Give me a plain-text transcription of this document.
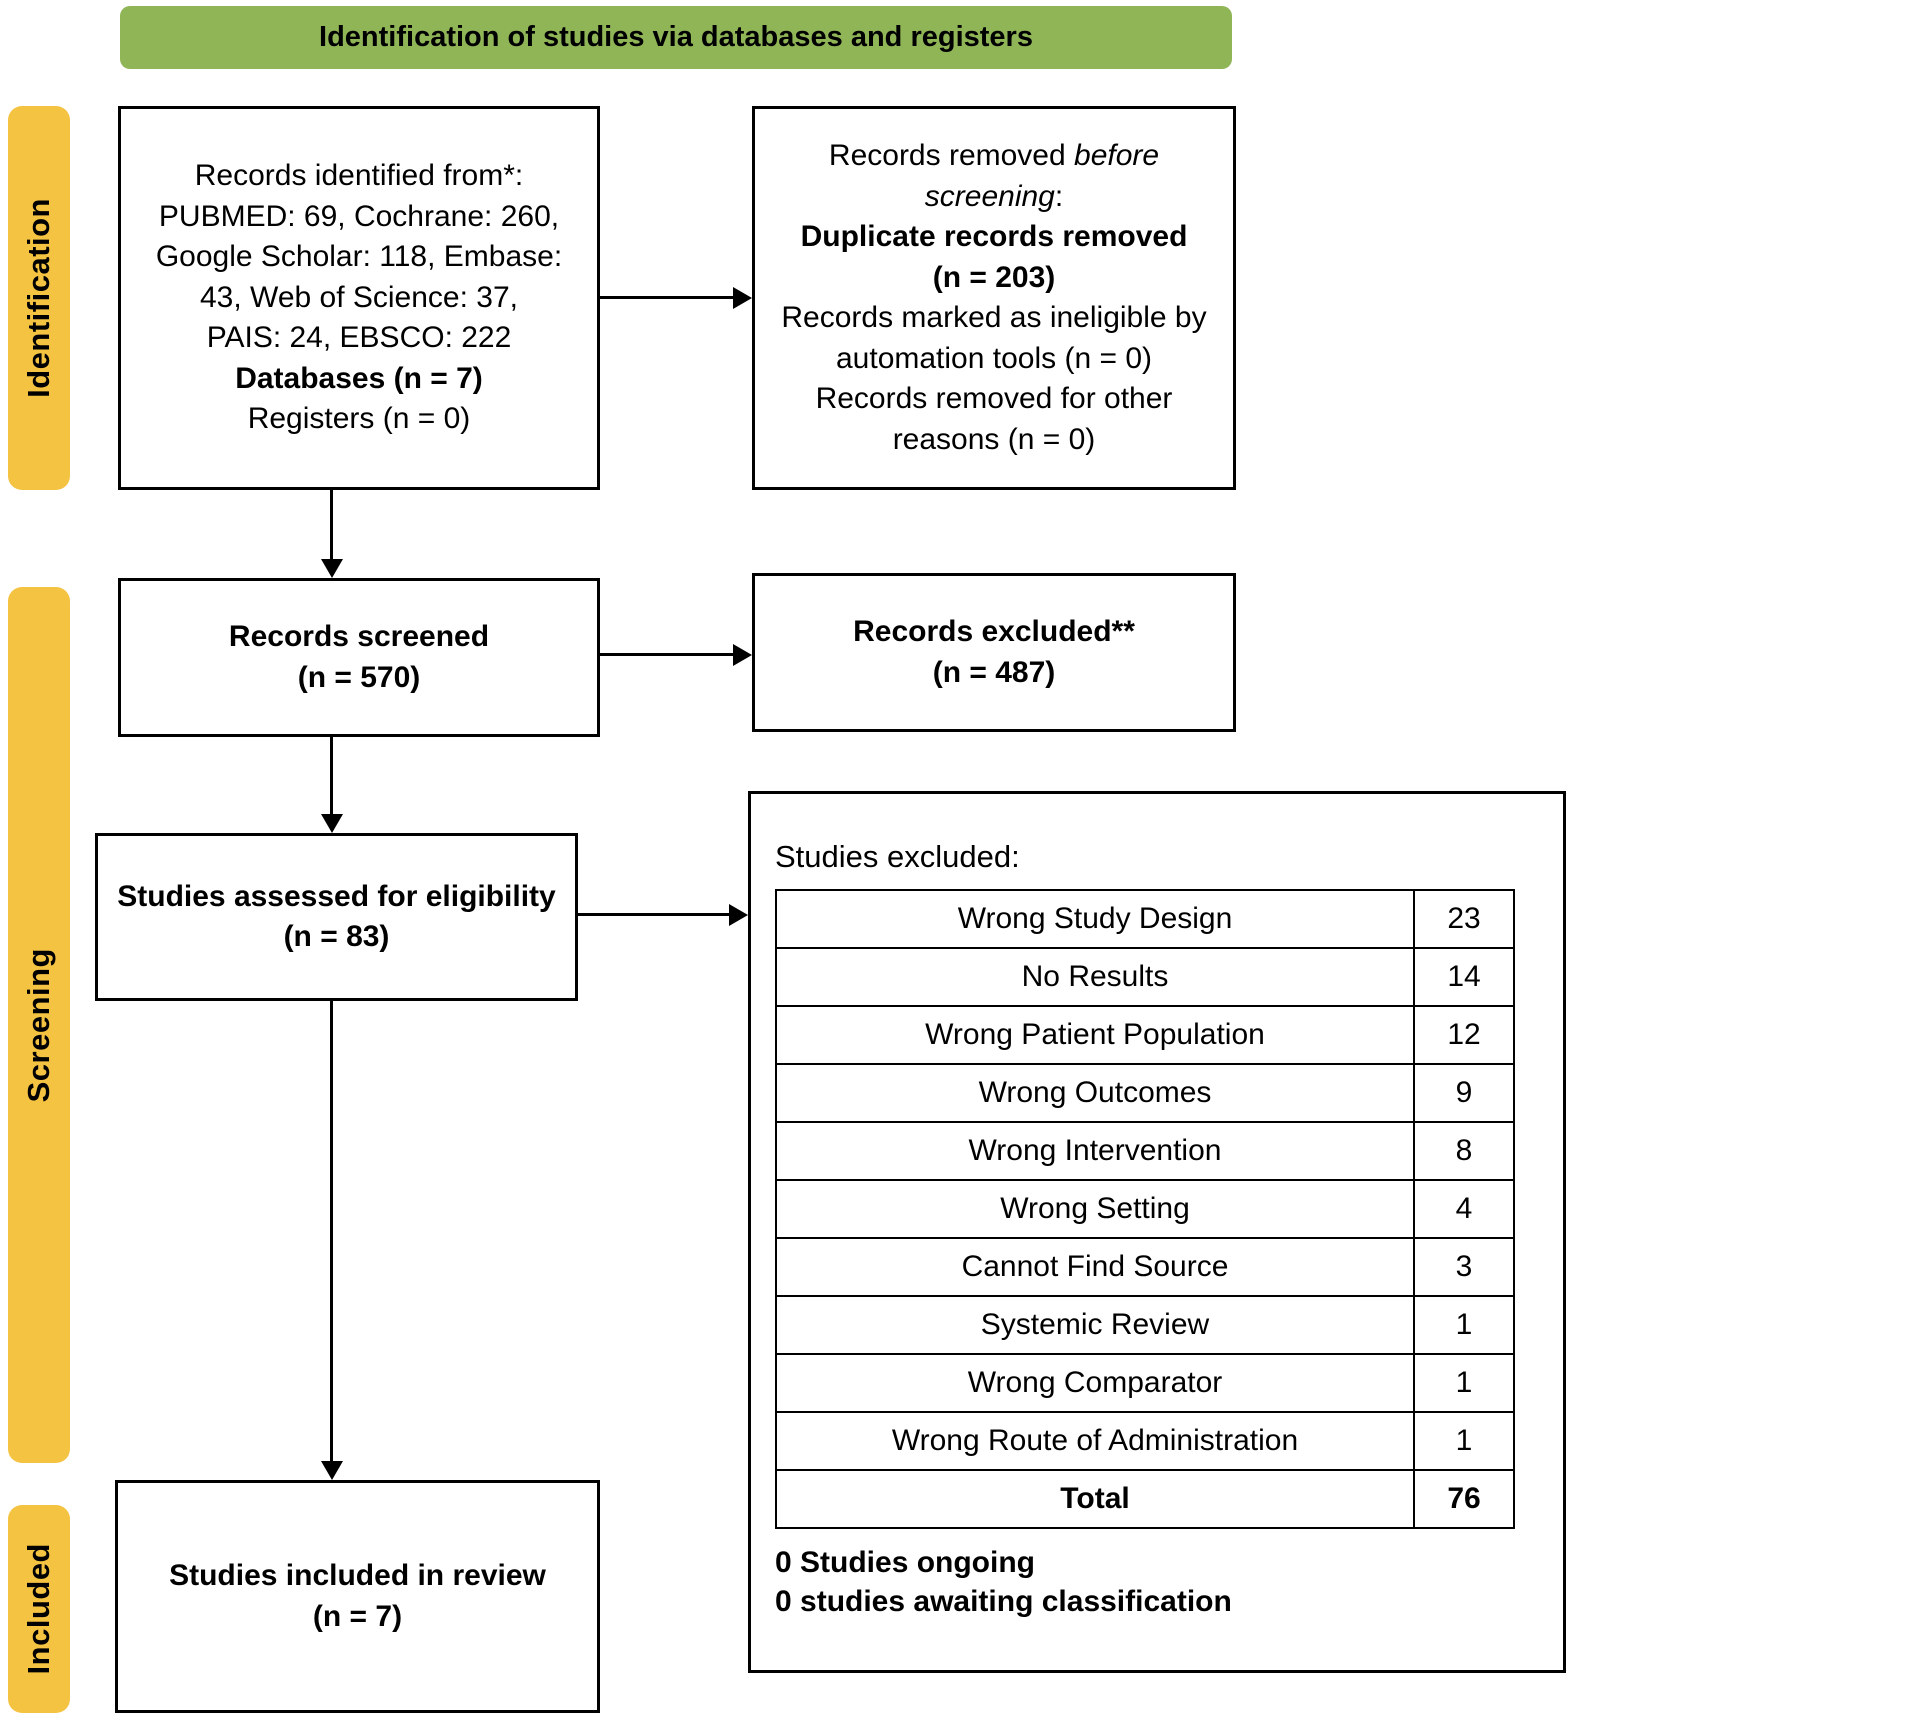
Identification of studies via databases and registers
Identification
Screening
Included
Records identified from*:
PUBMED: 69, Cochrane: 260,
Google Scholar: 118, Embase:
43, Web of Science: 37,
PAIS: 24, EBSCO: 222
Databases (n = 7)
Registers (n = 0)
Records removed before
screening:
Duplicate records removed
(n = 203)
Records marked as ineligible by
automation tools (n = 0)
Records removed for other
reasons (n = 0)
Records screened
(n = 570)
Records excluded**
(n = 487)
Studies assessed for eligibility
(n = 83)
Studies excluded:
Wrong Study Design	23
No Results	14
Wrong Patient Population	12
Wrong Outcomes	9
Wrong Intervention	8
Wrong Setting	4
Cannot Find Source	3
Systemic Review	1
Wrong Comparator	1
Wrong Route of Administration	1
Total	76
0 Studies ongoing
0 studies awaiting classification
Studies included in review
(n = 7)
